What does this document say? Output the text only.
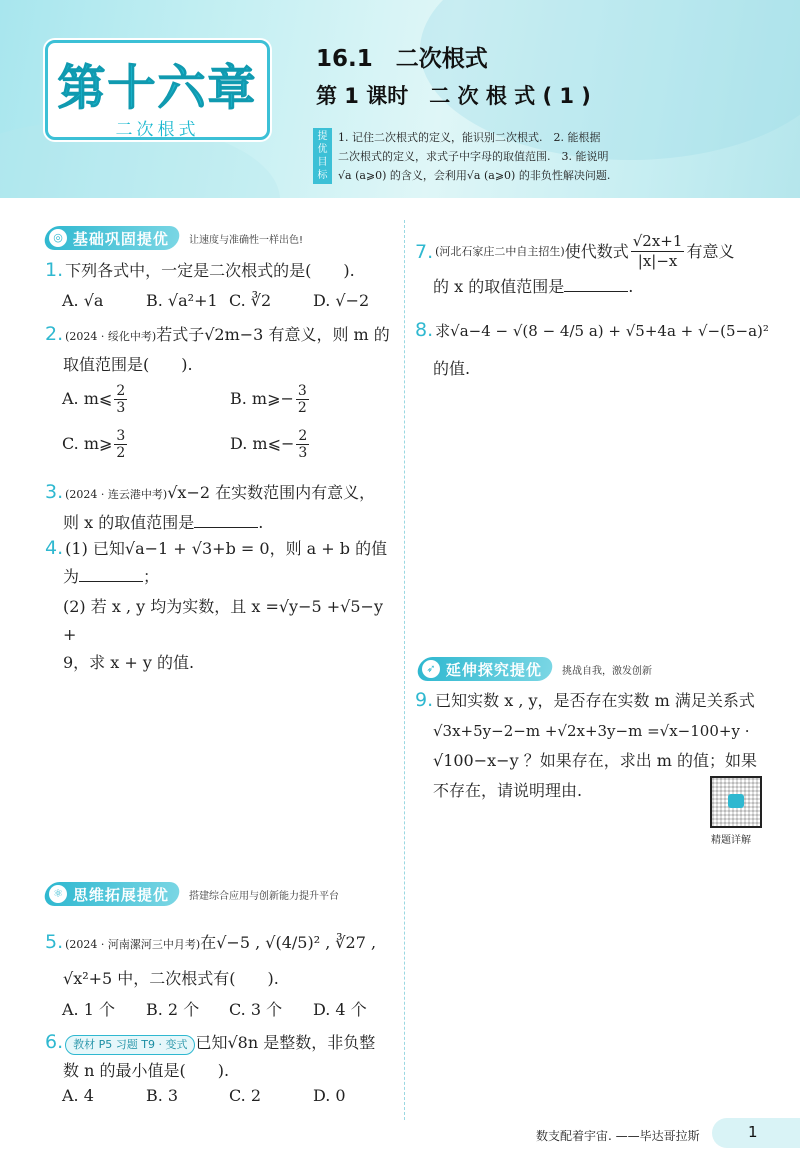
第十六章
二次根式
16.1　二次根式
第 1 课时　二 次 根 式 ( 1 )
提优目标
1. 记住二次根式的定义，能识别二次根式.　2. 能根据
二次根式的定义，求式子中字母的取值范围.　3. 能说明
√a (a⩾0) 的含义，会利用√a (a⩾0) 的非负性解决问题.
◎ 基础巩固提优 让速度与准确性一样出色!
1. 下列各式中，一定是二次根式的是(　　).
A. √a	B. √a²+1 C. ∛2	D. √−2
2. (2024 · 绥化中考)若式子√2m−3 有意义，则 m 的
取值范围是(　　).
A. m⩽ $\frac{2}{3}$	B. m⩾− $\frac{3}{2}$
C. m⩾ $\frac{3}{2}$	D. m⩽− $\frac{2}{3}$
3. (2024 · 连云港中考)√x−2 在实数范围内有意义，
则 x 的取值范围是	.
4. (1) 已知√a−1 + √3+b = 0，则 a + b 的值
为	；
(2) 若 x , y 均为实数，且 x =√y−5 +√5−y +
9，求 x + y 的值.
⚛ 思维拓展提优 搭建综合应用与创新能力提升平台
5. (2024 · 河南漯河三中月考)在√−5 , √(4/5)² , ∛27 ,
√x²+5 中，二次根式有(　　).
A. 1 个 B. 2 个 C. 3 个 D. 4 个
6. 教材 P5 习题 T9 · 变式 已知√8n 是整数，非负整
数 n 的最小值是(　　).
A. 4	B. 3	C. 2	D. 0
7. (河北石家庄二中自主招生) 使代数式 $\frac{√2x+1}{|x|-x}$ 有意义
的 x 的取值范围是	.
8. 求√a−4 − √(8 − 4/5 a) + √5+4a + √−(5−a)²
的值.
➶ 延伸探究提优 挑战自我，激发创新
9. 已知实数 x , y，是否存在实数 m 满足关系式
√3x+5y−2−m +√2x+3y−m =√x−100+y ·
√100−x−y ？如果存在，求出 m 的值；如果
不存在，请说明理由.
精题详解
数支配着宇宙. ——毕达哥拉斯	1
